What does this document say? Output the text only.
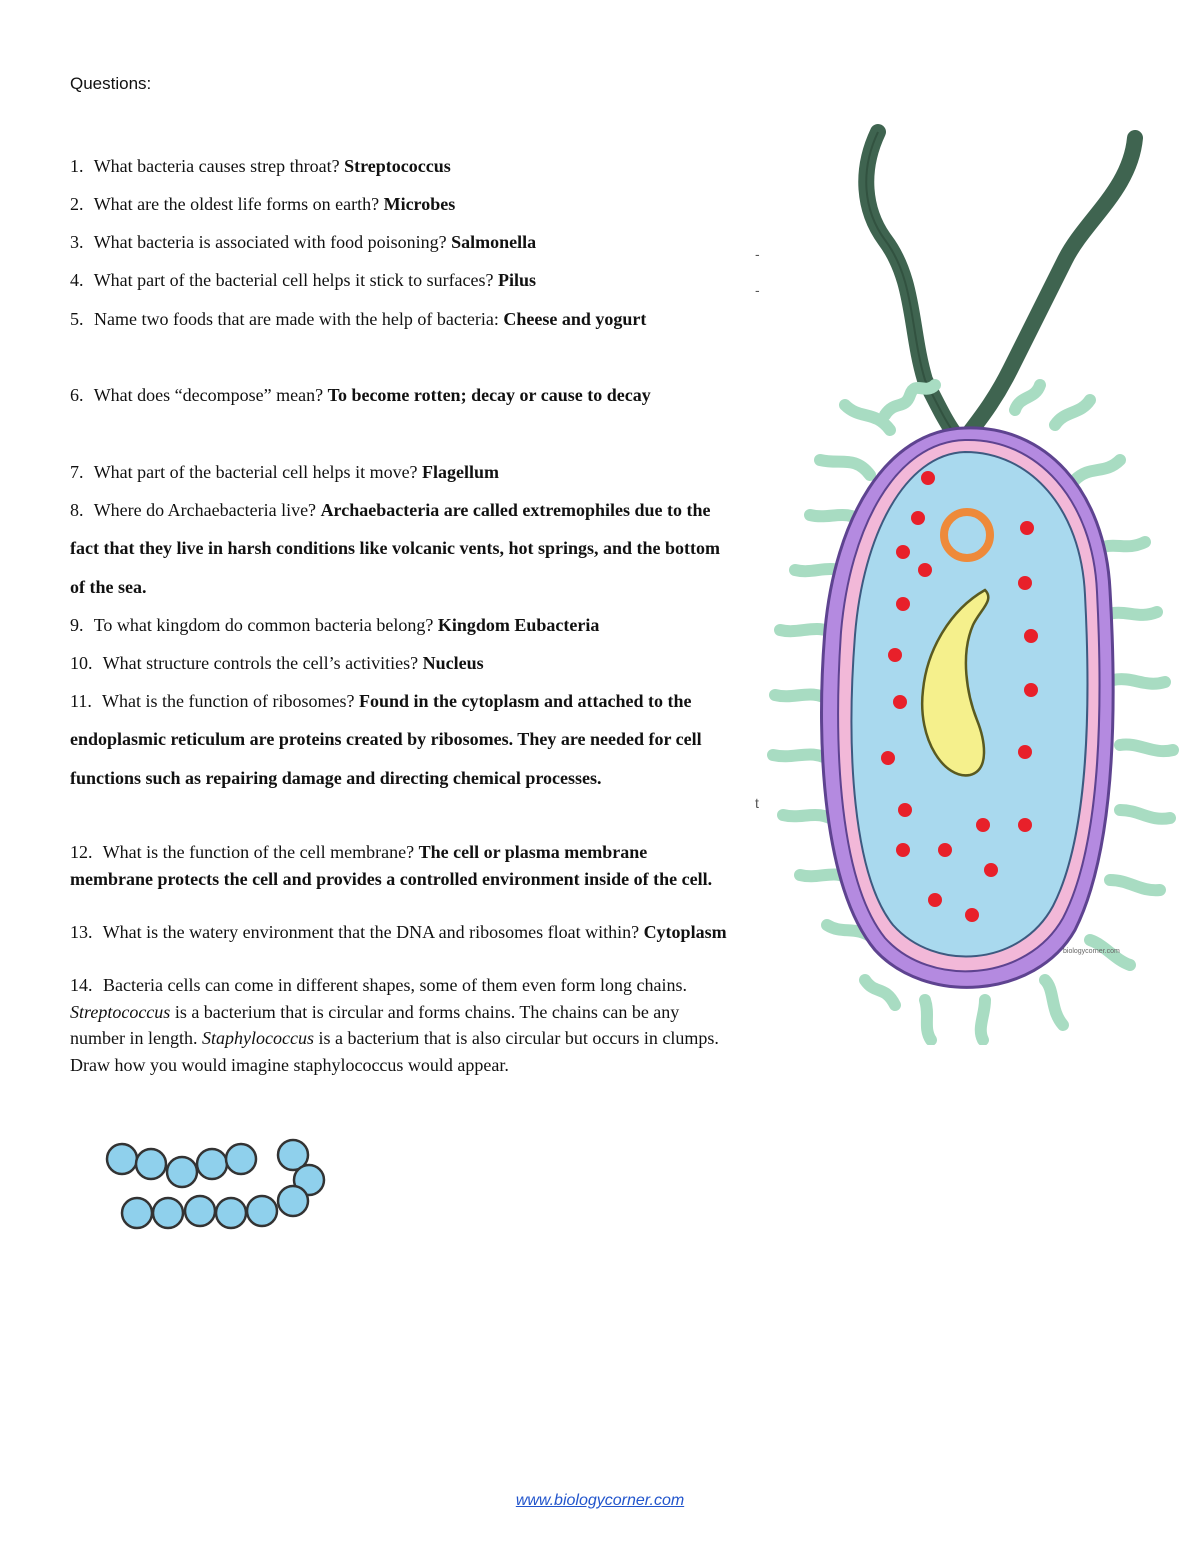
Questions:
1. What bacteria causes strep throat? Streptococcus
2. What are the oldest life forms on earth? Microbes
3. What bacteria is associated with food poisoning? Salmonella
4. What part of the bacterial cell helps it stick to surfaces? Pilus
5. Name two foods that are made with the help of bacteria: Cheese and yogurt
6. What does “decompose” mean? To become rotten; decay or cause to decay
7. What part of the bacterial cell helps it move? Flagellum
8. Where do Archaebacteria live? Archaebacteria are called extremophiles due to the fact that they live in harsh conditions like volcanic vents, hot springs, and the bottom of the sea.
9. To what kingdom do common bacteria belong? Kingdom Eubacteria
10. What structure controls the cell’s activities? Nucleus
11. What is the function of ribosomes? Found in the cytoplasm and attached to the endoplasmic reticulum are proteins created by ribosomes. They are needed for cell functions such as repairing damage and directing chemical processes.
12. What is the function of the cell membrane? The cell or plasma membrane membrane protects the cell and provides a controlled environment inside of the cell.
13. What is the watery environment that the DNA and ribosomes float within? Cytoplasm
14. Bacteria cells can come in different shapes, some of them even form long chains. Streptococcus is a bacterium that is circular and forms chains. The chains can be any number in length. Staphylococcus is a bacterium that is also circular but occurs in clumps. Draw how you would imagine staphylococcus would appear.
-
-
t
biologycorner.com
www.biologycorner.com
